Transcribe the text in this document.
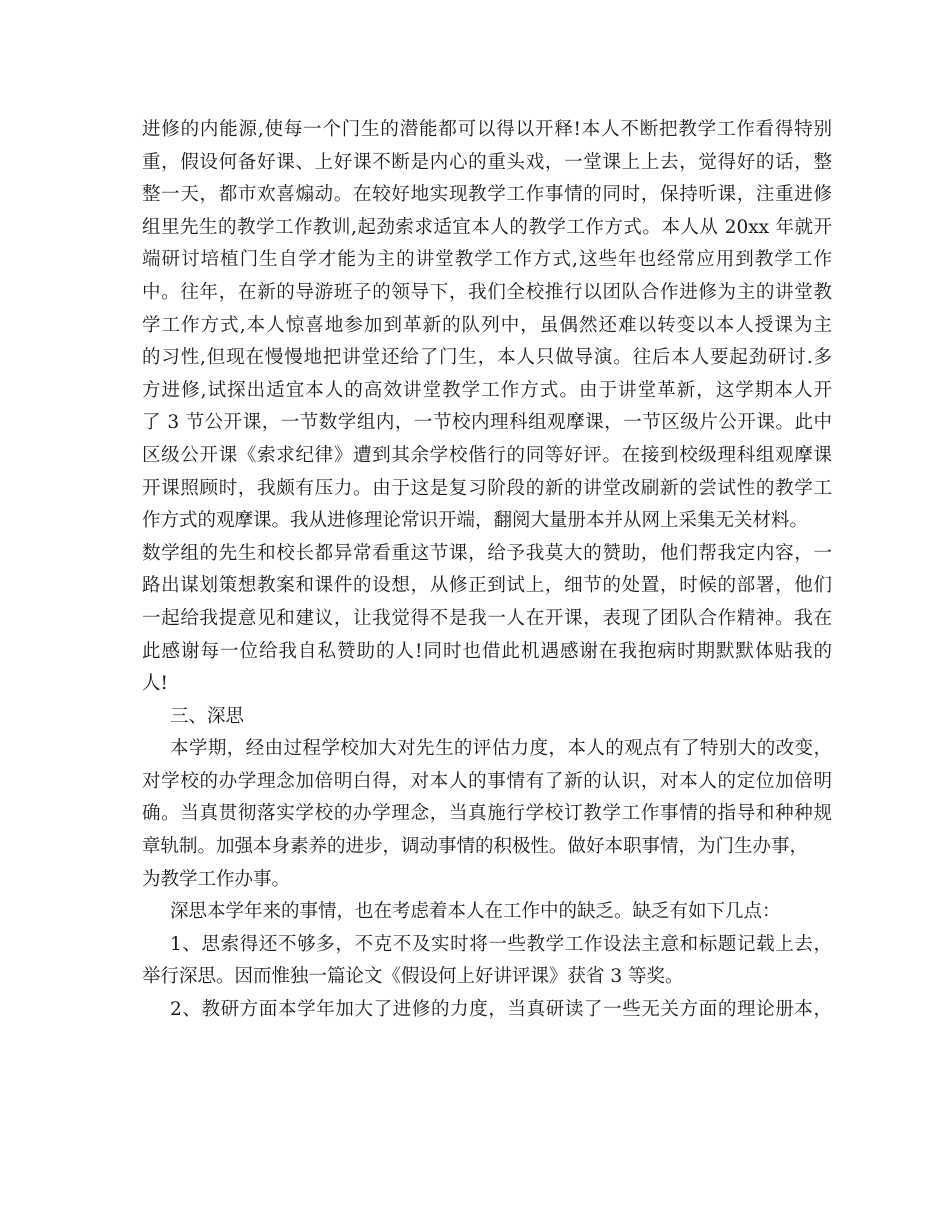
进修的内能源,使每一个门生的潜能都可以得以开释!本人不断把教学工作看得特别
重，假设何备好课、上好课不断是内心的重头戏，一堂课上上去，觉得好的话，整
整一天，都市欢喜煽动。在较好地实现教学工作事情的同时，保持听课，注重进修
组里先生的教学工作教训,起劲索求适宜本人的教学工作方式。本人从 20xx 年就开
端研讨培植门生自学才能为主的讲堂教学工作方式,这些年也经常应用到教学工作
中。往年，在新的导游班子的领导下，我们全校推行以团队合作进修为主的讲堂教
学工作方式,本人惊喜地参加到革新的队列中，虽偶然还难以转变以本人授课为主
的习性,但现在慢慢地把讲堂还给了门生，本人只做导演。往后本人要起劲研讨.多
方进修,试探出适宜本人的高效讲堂教学工作方式。由于讲堂革新，这学期本人开
了 3 节公开课，一节数学组内，一节校内理科组观摩课，一节区级片公开课。此中
区级公开课《索求纪律》遭到其余学校偕行的同等好评。在接到校级理科组观摩课
开课照顾时，我颇有压力。由于这是复习阶段的新的讲堂改刷新的尝试性的教学工
作方式的观摩课。我从进修理论常识开端，翻阅大量册本并从网上采集无关材料。
数学组的先生和校长都异常看重这节课，给予我莫大的赞助，他们帮我定内容，一
路出谋划策想教案和课件的设想，从修正到试上，细节的处置，时候的部署，他们
一起给我提意见和建议，让我觉得不是我一人在开课，表现了团队合作精神。我在
此感谢每一位给我自私赞助的人!同时也借此机遇感谢在我抱病时期默默体贴我的
人!
三、深思
本学期，经由过程学校加大对先生的评估力度，本人的观点有了特别大的改变，
对学校的办学理念加倍明白得，对本人的事情有了新的认识，对本人的定位加倍明
确。当真贯彻落实学校的办学理念，当真施行学校订教学工作事情的指导和种种规
章轨制。加强本身素养的进步，调动事情的积极性。做好本职事情，为门生办事，
为教学工作办事。
深思本学年来的事情，也在考虑着本人在工作中的缺乏。缺乏有如下几点：
1、思索得还不够多，不克不及实时将一些教学工作设法主意和标题记载上去，
举行深思。因而惟独一篇论文《假设何上好讲评课》获省 3 等奖。
2、教研方面本学年加大了进修的力度，当真研读了一些无关方面的理论册本，
